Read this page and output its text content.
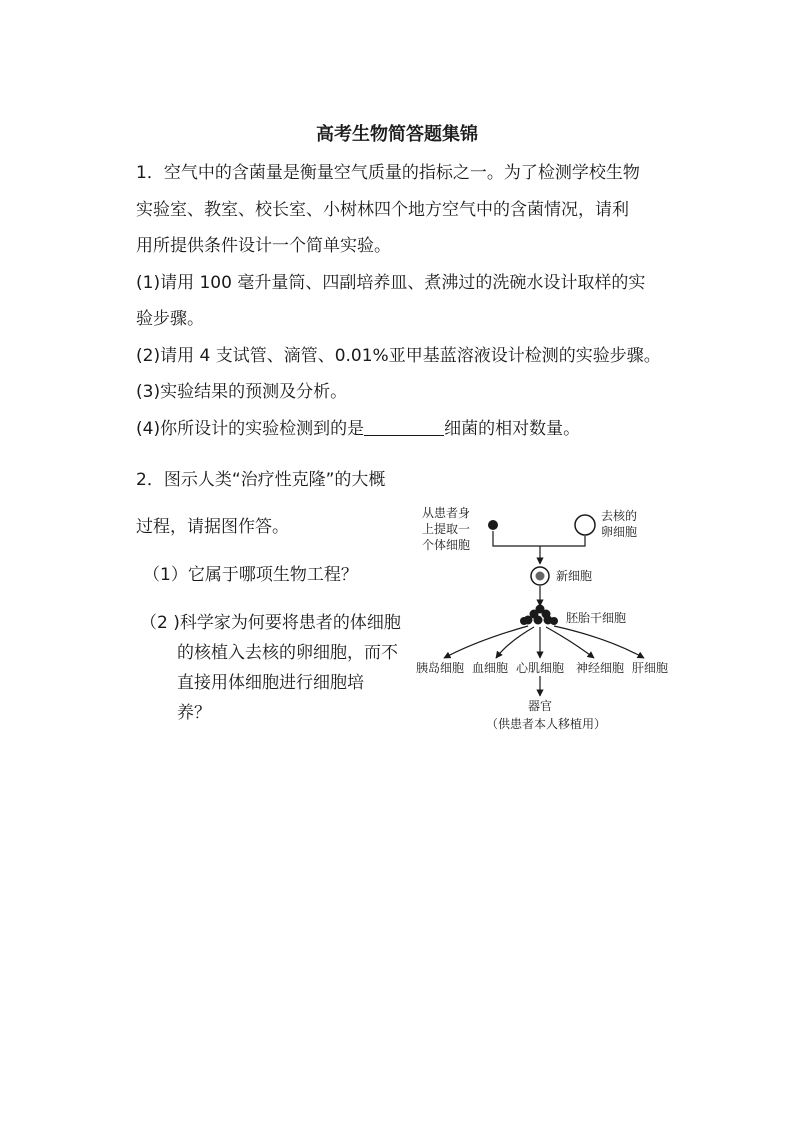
高考生物简答题集锦
1．空气中的含菌量是衡量空气质量的指标之一。为了检测学校生物
实验室、教室、校长室、小树林四个地方空气中的含菌情况，请利
用所提供条件设计一个简单实验。
(1)请用 100 毫升量筒、四副培养皿、煮沸过的洗碗水设计取样的实
验步骤。
(2)请用 4 支试管、滴管、0.01%亚甲基蓝溶液设计检测的实验步骤。
(3)实验结果的预测及分析。
(4)你所设计的实验检测到的是	细菌的相对数量。
2．图示人类“治疗性克隆”的大概
过程，请据图作答。
（1）它属于哪项生物工程？
（2 )科学家为何要将患者的体细胞
的核植入去核的卵细胞，而不
直接用体细胞进行细胞培
养？
从患者身
上提取一
个体细胞
去核的
卵细胞
新细胞
胚胎干细胞
胰岛细胞 血细胞 心肌细胞 神经细胞 肝细胞
器官
（供患者本人移植用）
